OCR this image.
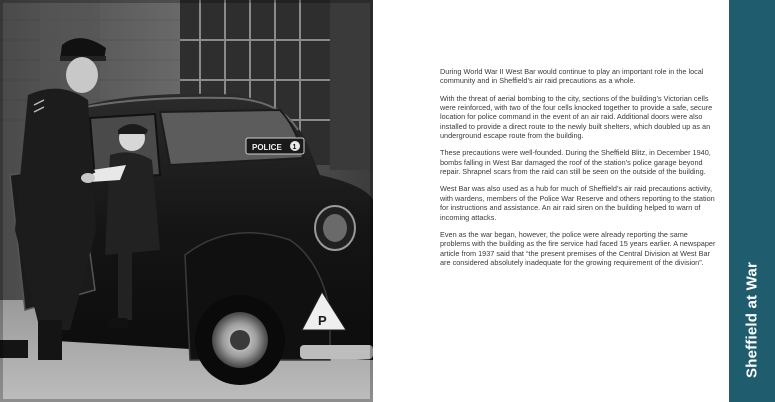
POLICE 1
P

During World War II West Bar would continue to play an important role in the local community and in Sheffield’s air raid precautions as a whole.

With the threat of aerial bombing to the city, sections of the building’s Victorian cells were reinforced, with two of the four cells knocked together to provide a safe, secure location for police command in the event of an air raid. Additional doors were also installed to provide a direct route to the newly built shelters, which doubled up as an underground escape route from the building.

These precautions were well-founded. During the Sheffield Blitz, in December 1940, bombs falling in West Bar damaged the roof of the station’s police garage beyond repair. Shrapnel scars from the raid can still be seen on the outside of the building.

West Bar was also used as a hub for much of Sheffield’s air raid precautions activity, with wardens, members of the Police War Reserve and others reporting to the station for instructions and assistance. An air raid siren on the building helped to warn of incoming attacks.

Even as the war began, however, the police were already reporting the same problems with the building as the fire service had faced 15 years earlier. A newspaper article from 1937 said that “the present premises of the Central Division at West Bar are considered absolutely inadequate for the growing requirement of the division”.	Sheffield at War
